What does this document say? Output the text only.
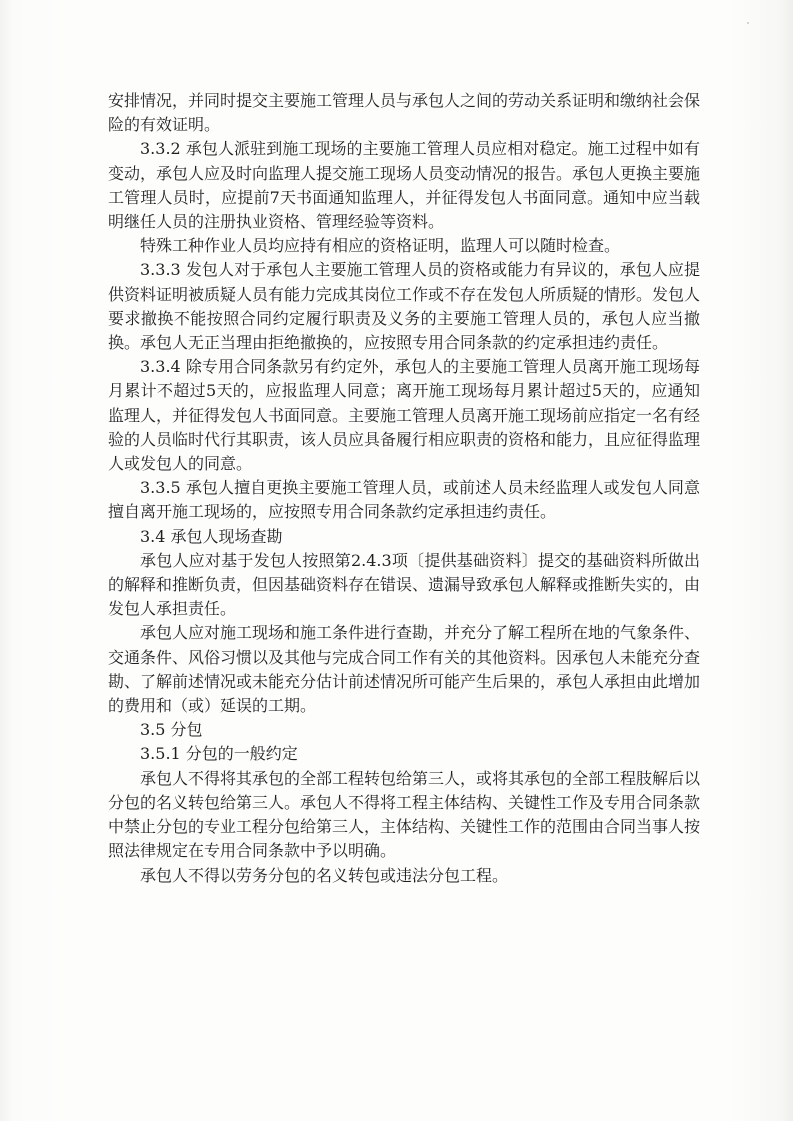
安排情况，并同时提交主要施工管理人员与承包人之间的劳动关系证明和缴纳社会保险的有效证明。

3.3.2 承包人派驻到施工现场的主要施工管理人员应相对稳定。施工过程中如有变动，承包人应及时向监理人提交施工现场人员变动情况的报告。承包人更换主要施工管理人员时，应提前7天书面通知监理人，并征得发包人书面同意。通知中应当载明继任人员的注册执业资格、管理经验等资料。

特殊工种作业人员均应持有相应的资格证明，监理人可以随时检查。

3.3.3 发包人对于承包人主要施工管理人员的资格或能力有异议的，承包人应提供资料证明被质疑人员有能力完成其岗位工作或不存在发包人所质疑的情形。发包人要求撤换不能按照合同约定履行职责及义务的主要施工管理人员的，承包人应当撤换。承包人无正当理由拒绝撤换的，应按照专用合同条款的约定承担违约责任。

3.3.4 除专用合同条款另有约定外，承包人的主要施工管理人员离开施工现场每月累计不超过5天的，应报监理人同意；离开施工现场每月累计超过5天的，应通知监理人，并征得发包人书面同意。主要施工管理人员离开施工现场前应指定一名有经验的人员临时代行其职责，该人员应具备履行相应职责的资格和能力，且应征得监理人或发包人的同意。

3.3.5 承包人擅自更换主要施工管理人员，或前述人员未经监理人或发包人同意擅自离开施工现场的，应按照专用合同条款约定承担违约责任。

3.4 承包人现场查勘

承包人应对基于发包人按照第2.4.3项〔提供基础资料〕提交的基础资料所做出的解释和推断负责，但因基础资料存在错误、遗漏导致承包人解释或推断失实的，由发包人承担责任。

承包人应对施工现场和施工条件进行查勘，并充分了解工程所在地的气象条件、交通条件、风俗习惯以及其他与完成合同工作有关的其他资料。因承包人未能充分查勘、了解前述情况或未能充分估计前述情况所可能产生后果的，承包人承担由此增加的费用和（或）延误的工期。

3.5 分包

3.5.1 分包的一般约定

承包人不得将其承包的全部工程转包给第三人，或将其承包的全部工程肢解后以分包的名义转包给第三人。承包人不得将工程主体结构、关键性工作及专用合同条款中禁止分包的专业工程分包给第三人，主体结构、关键性工作的范围由合同当事人按照法律规定在专用合同条款中予以明确。

承包人不得以劳务分包的名义转包或违法分包工程。
